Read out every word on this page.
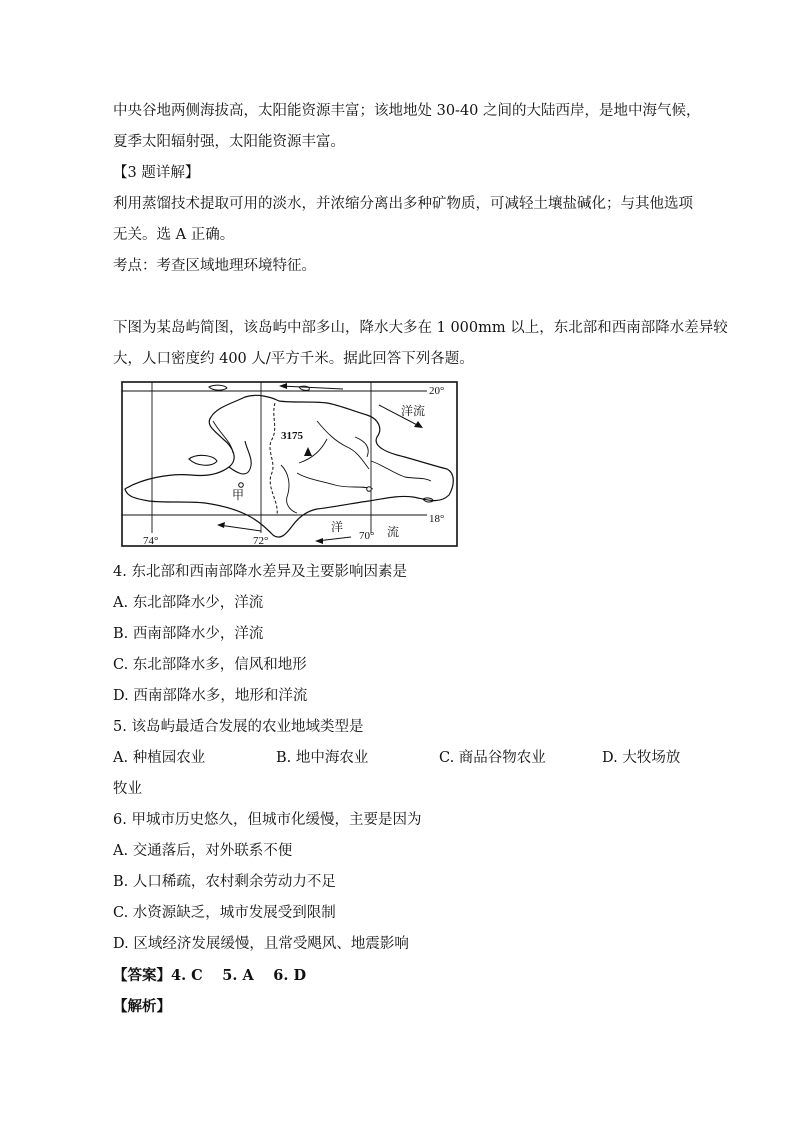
中央谷地两侧海拔高，太阳能资源丰富；该地地处 30-40 之间的大陆西岸，是地中海气候，
夏季太阳辐射强，太阳能资源丰富。
【3 题详解】
利用蒸馏技术提取可用的淡水，并浓缩分离出多种矿物质，可减轻土壤盐碱化；与其他选项
无关。选 A 正确。
考点：考查区域地理环境特征。
下图为某岛屿简图，该岛屿中部多山，降水大多在 1 000mm 以上，东北部和西南部降水差异较
大，人口密度约 400 人/平方千米。据此回答下列各题。
3175
甲
20°
18°
74°	72°	70°
洋流
洋	流
4. 东北部和西南部降水差异及主要影响因素是
A. 东北部降水少，洋流
B. 西南部降水少，洋流
C. 东北部降水多，信风和地形
D. 西南部降水多，地形和洋流
5. 该岛屿最适合发展的农业地域类型是
A. 种植园农业	B. 地中海农业	C. 商品谷物农业	D. 大牧场放
牧业
6. 甲城市历史悠久，但城市化缓慢，主要是因为
A. 交通落后，对外联系不便
B. 人口稀疏，农村剩余劳动力不足
C. 水资源缺乏，城市发展受到限制
D. 区域经济发展缓慢，且常受飓风、地震影响
【答案】4. C　 5. A　 6. D
【解析】
